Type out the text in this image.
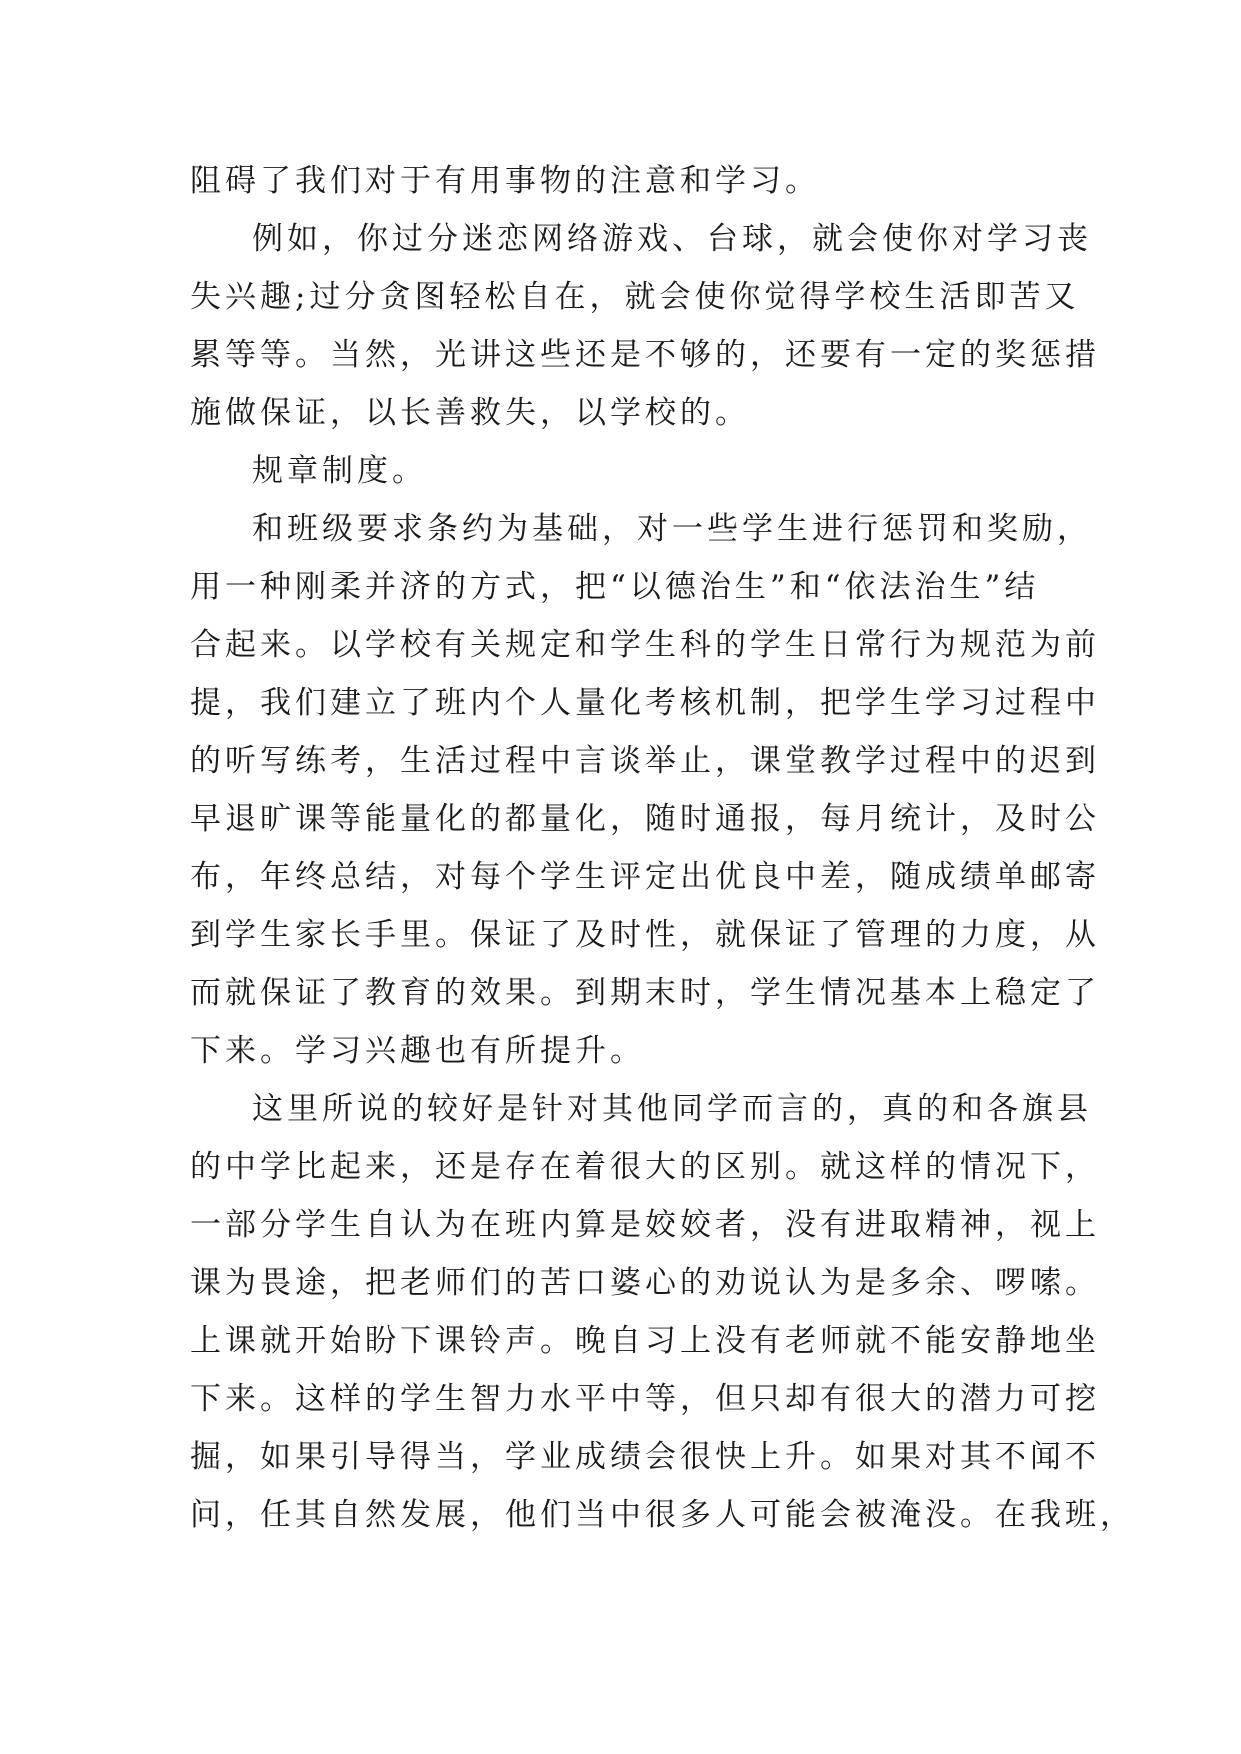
阻碍了我们对于有用事物的注意和学习。
例如，你过分迷恋网络游戏、台球，就会使你对学习丧
失兴趣;过分贪图轻松自在，就会使你觉得学校生活即苦又
累等等。当然，光讲这些还是不够的，还要有一定的奖惩措
施做保证，以长善救失，以学校的。
规章制度。
和班级要求条约为基础，对一些学生进行惩罚和奖励，
用一种刚柔并济的方式，把“以德治生”和“依法治生”结
合起来。以学校有关规定和学生科的学生日常行为规范为前
提，我们建立了班内个人量化考核机制，把学生学习过程中
的听写练考，生活过程中言谈举止，课堂教学过程中的迟到
早退旷课等能量化的都量化，随时通报，每月统计，及时公
布，年终总结，对每个学生评定出优良中差，随成绩单邮寄
到学生家长手里。保证了及时性，就保证了管理的力度，从
而就保证了教育的效果。到期末时，学生情况基本上稳定了
下来。学习兴趣也有所提升。
这里所说的较好是针对其他同学而言的，真的和各旗县
的中学比起来，还是存在着很大的区别。就这样的情况下，
一部分学生自认为在班内算是姣姣者，没有进取精神，视上
课为畏途，把老师们的苦口婆心的劝说认为是多余、啰嗦。
上课就开始盼下课铃声。晚自习上没有老师就不能安静地坐
下来。这样的学生智力水平中等，但只却有很大的潜力可挖
掘，如果引导得当，学业成绩会很快上升。如果对其不闻不
问，任其自然发展，他们当中很多人可能会被淹没。在我班，
